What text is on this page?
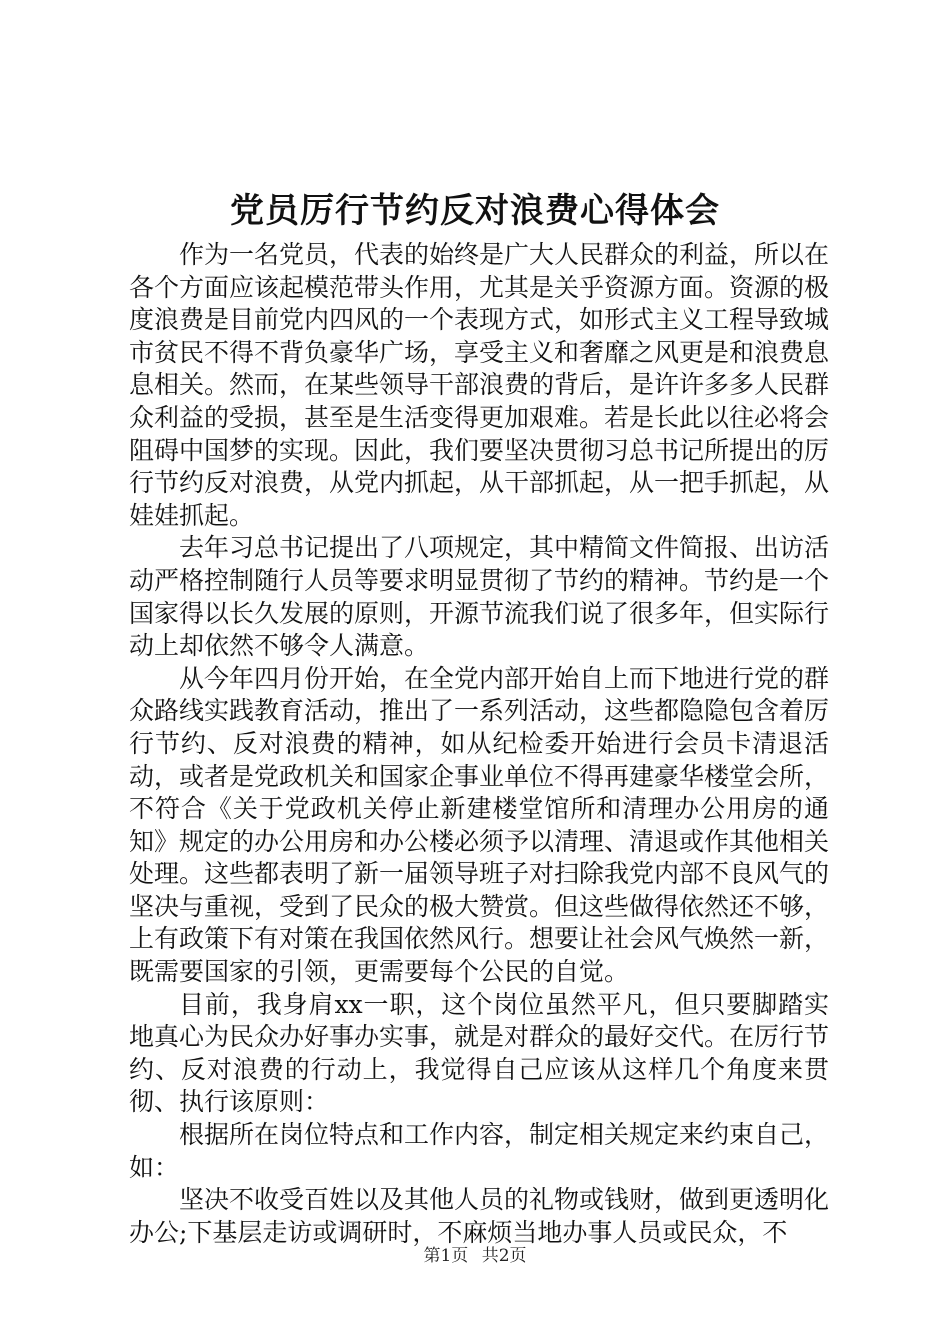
党员厉行节约反对浪费心得体会

作为一名党员，代表的始终是广大人民群众的利益，所以在各个方面应该起模范带头作用，尤其是关乎资源方面。资源的极度浪费是目前党内四风的一个表现方式，如形式主义工程导致城市贫民不得不背负豪华广场，享受主义和奢靡之风更是和浪费息息相关。然而，在某些领导干部浪费的背后，是许许多多人民群众利益的受损，甚至是生活变得更加艰难。若是长此以往必将会阻碍中国梦的实现。因此，我们要坚决贯彻习总书记所提出的厉行节约反对浪费，从党内抓起，从干部抓起，从一把手抓起，从娃娃抓起。

去年习总书记提出了八项规定，其中精简文件简报、出访活动严格控制随行人员等要求明显贯彻了节约的精神。节约是一个国家得以长久发展的原则，开源节流我们说了很多年，但实际行动上却依然不够令人满意。

从今年四月份开始，在全党内部开始自上而下地进行党的群众路线实践教育活动，推出了一系列活动，这些都隐隐包含着厉行节约、反对浪费的精神，如从纪检委开始进行会员卡清退活动，或者是党政机关和国家企事业单位不得再建豪华楼堂会所，不符合《关于党政机关停止新建楼堂馆所和清理办公用房的通知》规定的办公用房和办公楼必须予以清理、清退或作其他相关处理。这些都表明了新一届领导班子对扫除我党内部不良风气的坚决与重视，受到了民众的极大赞赏。但这些做得依然还不够，上有政策下有对策在我国依然风行。想要让社会风气焕然一新，既需要国家的引领，更需要每个公民的自觉。

目前，我身肩xx一职，这个岗位虽然平凡，但只要脚踏实地真心为民众办好事办实事，就是对群众的最好交代。在厉行节约、反对浪费的行动上，我觉得自己应该从这样几个角度来贯彻、执行该原则：

根据所在岗位特点和工作内容，制定相关规定来约束自己，如：

坚决不收受百姓以及其他人员的礼物或钱财，做到更透明化办公;下基层走访或调研时，不麻烦当地办事人员或民众，不

第1页 共2页
